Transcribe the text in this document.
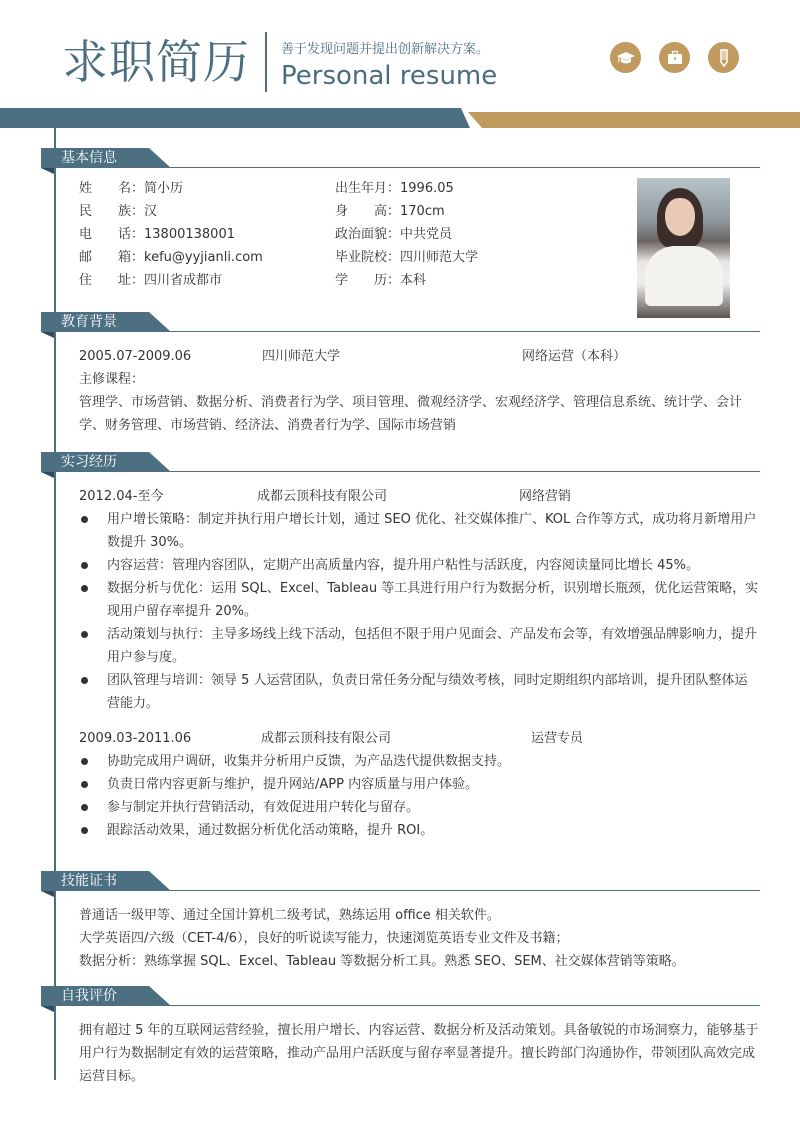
求职简历 善于发现问题并提出创新解决方案。
Personal resume
基本信息
姓　　名：简小历
民　　族：汉
电　　话：13800138001
邮　　箱：kefu@yyjianli.com
住　　址：四川省成都市
出生年月：1996.05
身　　高：170cm
政治面貌：中共党员
毕业院校：四川师范大学
学　　历：本科
教育背景
2005.07-2009.06	四川师范大学	网络运营（本科）
主修课程：
管理学、市场营销、数据分析、消费者行为学、项目管理、微观经济学、宏观经济学、管理信息系统、统计学、会计学、财务管理、市场营销、经济法、消费者行为学、国际市场营销
实习经历
2012.04-至今	成都云顶科技有限公司	网络营销
用户增长策略：制定并执行用户增长计划，通过 SEO 优化、社交媒体推广、KOL 合作等方式，成功将月新增用户数提升 30%。
内容运营：管理内容团队，定期产出高质量内容，提升用户粘性与活跃度，内容阅读量同比增长 45%。
数据分析与优化：运用 SQL、Excel、Tableau 等工具进行用户行为数据分析，识别增长瓶颈，优化运营策略，实现用户留存率提升 20%。
活动策划与执行：主导多场线上线下活动，包括但不限于用户见面会、产品发布会等，有效增强品牌影响力，提升用户参与度。
团队管理与培训：领导 5 人运营团队，负责日常任务分配与绩效考核，同时定期组织内部培训，提升团队整体运营能力。
2009.03-2011.06	成都云顶科技有限公司	运营专员
协助完成用户调研，收集并分析用户反馈，为产品迭代提供数据支持。
负责日常内容更新与维护，提升网站/APP 内容质量与用户体验。
参与制定并执行营销活动，有效促进用户转化与留存。
跟踪活动效果，通过数据分析优化活动策略，提升 ROI。
技能证书
普通话一级甲等、通过全国计算机二级考试，熟练运用 office 相关软件。
大学英语四/六级（CET-4/6），良好的听说读写能力，快速浏览英语专业文件及书籍；
数据分析：熟练掌握 SQL、Excel、Tableau 等数据分析工具。熟悉 SEO、SEM、社交媒体营销等策略。
自我评价
拥有超过 5 年的互联网运营经验，擅长用户增长、内容运营、数据分析及活动策划。具备敏锐的市场洞察力，能够基于用户行为数据制定有效的运营策略，推动产品用户活跃度与留存率显著提升。擅长跨部门沟通协作，带领团队高效完成运营目标。
